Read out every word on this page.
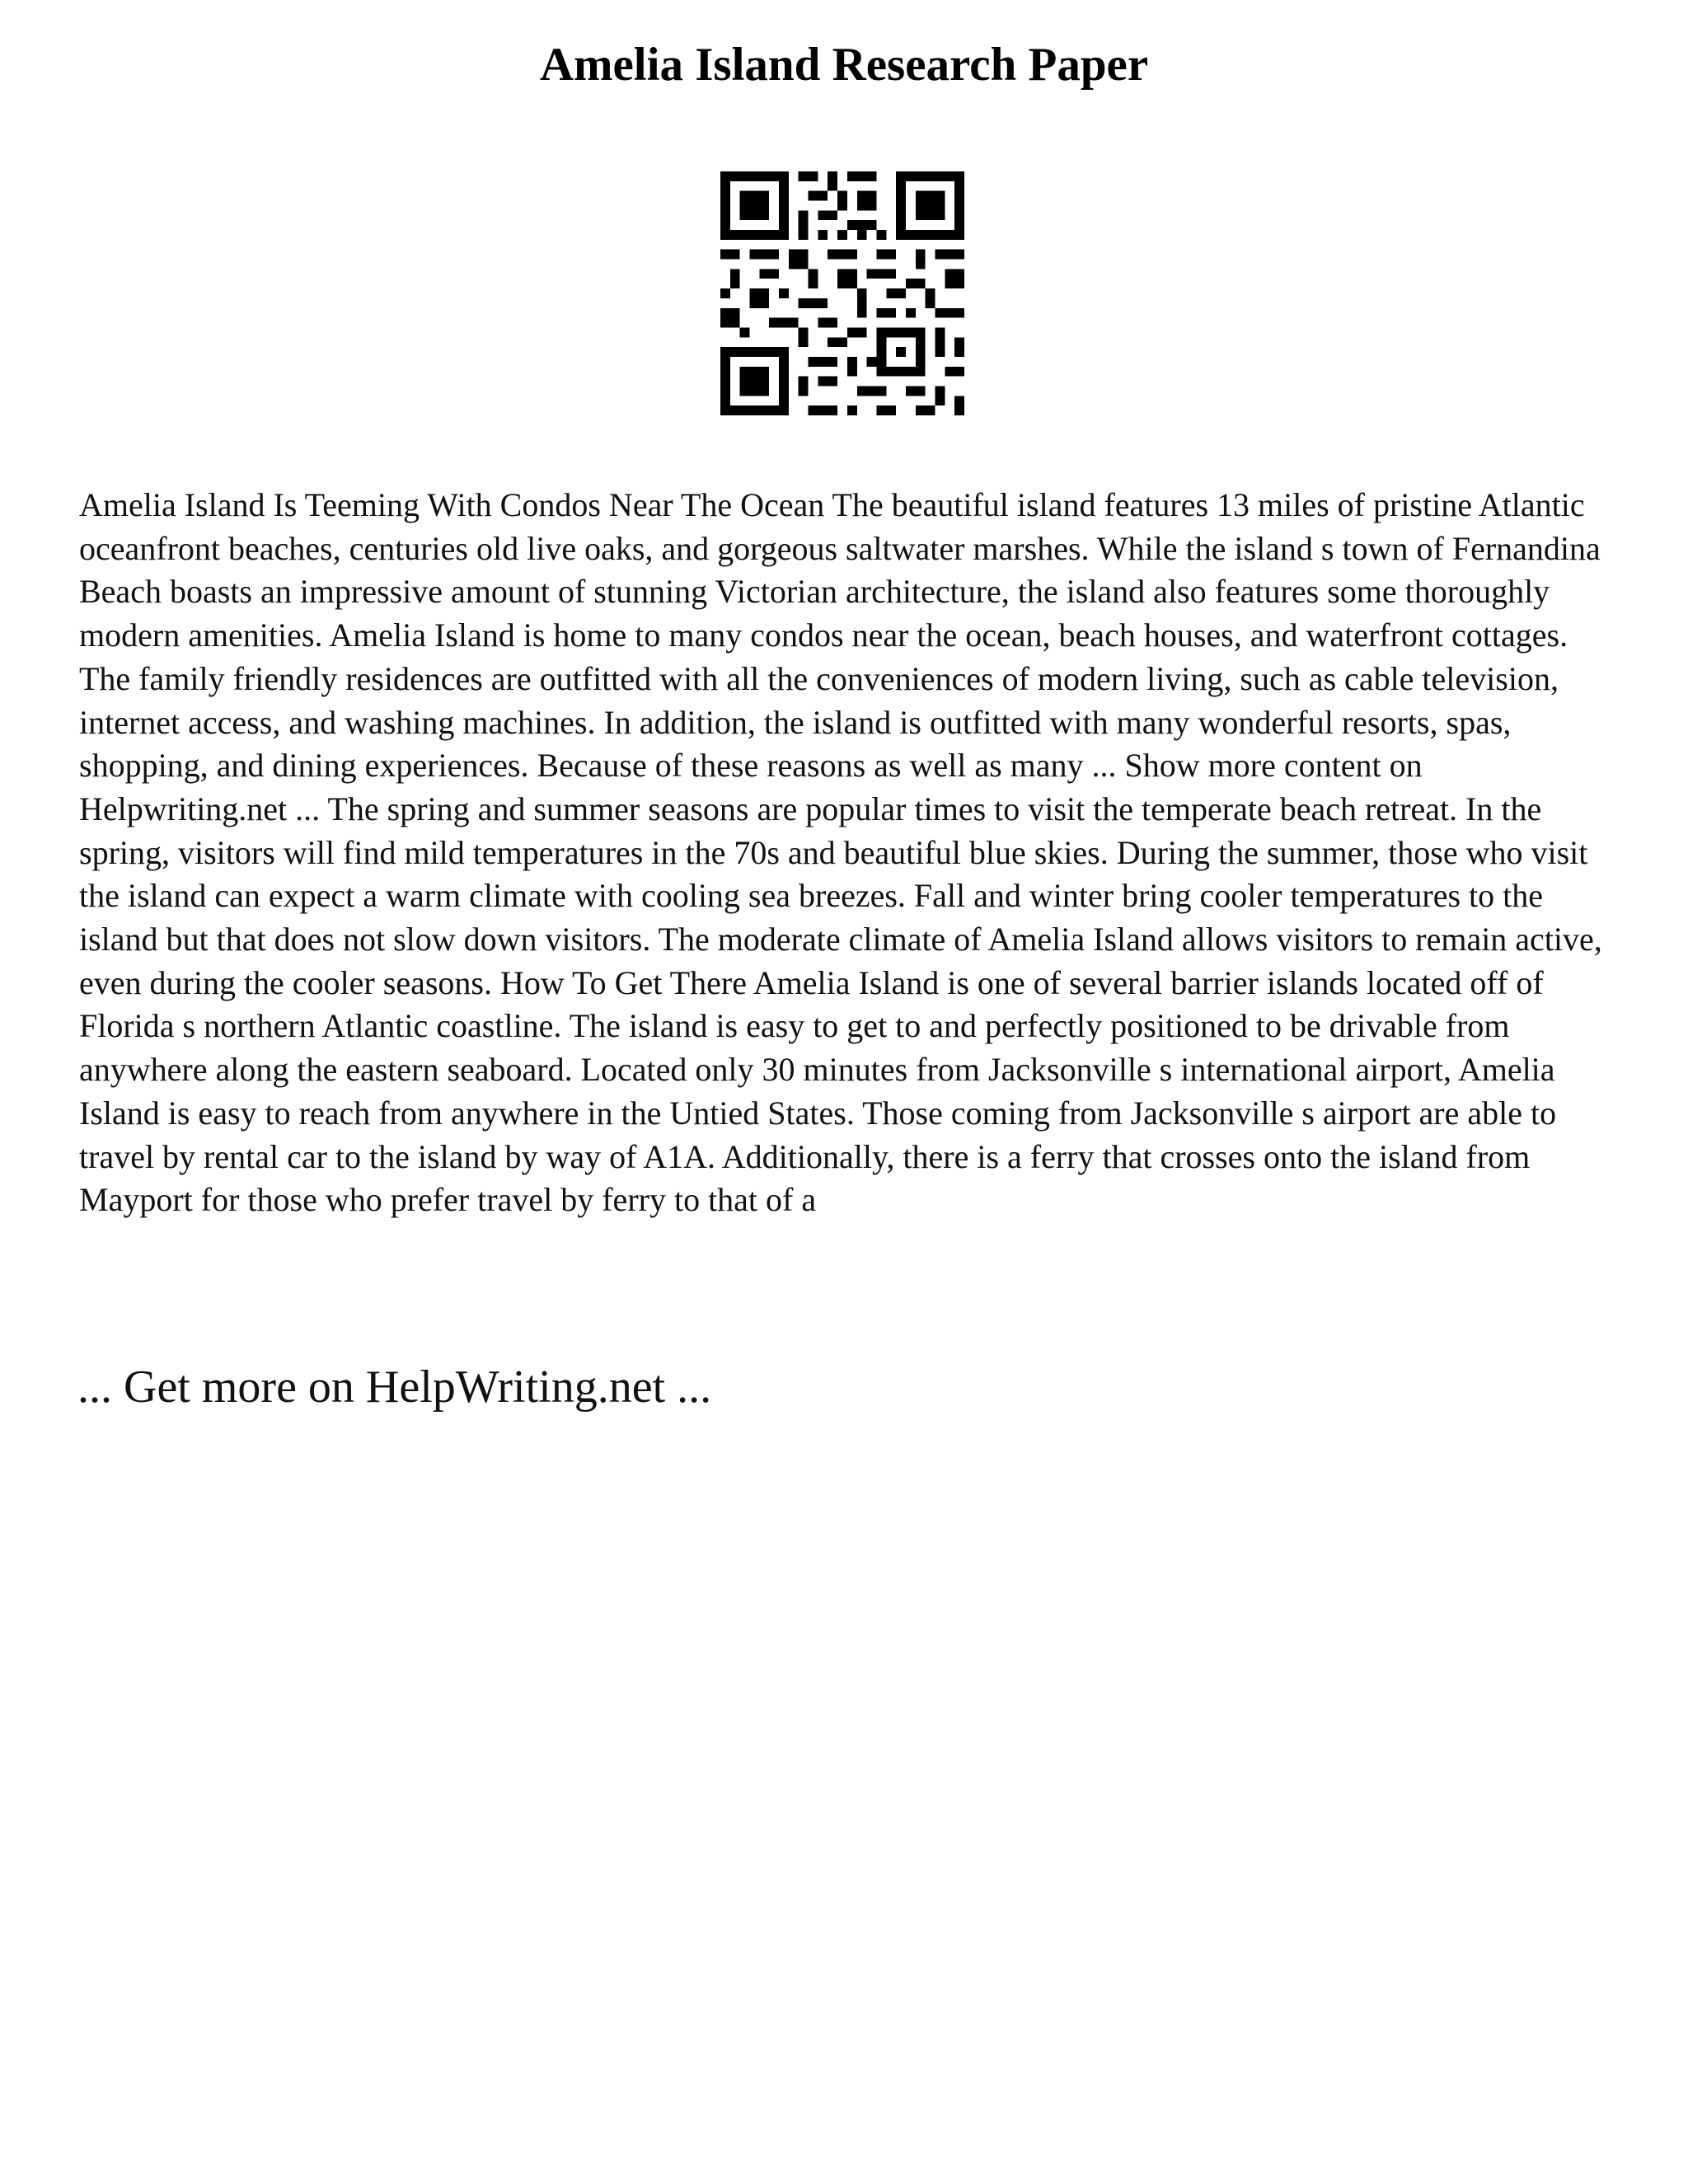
Amelia Island Research Paper

Amelia Island Is Teeming With Condos Near The Ocean The beautiful island features 13 miles of pristine Atlantic oceanfront beaches, centuries old live oaks, and gorgeous saltwater marshes. While the island s town of Fernandina Beach boasts an impressive amount of stunning Victorian architecture, the island also features some thoroughly modern amenities. Amelia Island is home to many condos near the ocean, beach houses, and waterfront cottages. The family friendly residences are outfitted with all the conveniences of modern living, such as cable television, internet access, and washing machines. In addition, the island is outfitted with many wonderful resorts, spas, shopping, and dining experiences. Because of these reasons as well as many ... Show more content on Helpwriting.net ... The spring and summer seasons are popular times to visit the temperate beach retreat. In the spring, visitors will find mild temperatures in the 70s and beautiful blue skies. During the summer, those who visit the island can expect a warm climate with cooling sea breezes. Fall and winter bring cooler temperatures to the island but that does not slow down visitors. The moderate climate of Amelia Island allows visitors to remain active, even during the cooler seasons. How To Get There Amelia Island is one of several barrier islands located off of Florida s northern Atlantic coastline. The island is easy to get to and perfectly positioned to be drivable from anywhere along the eastern seaboard. Located only 30 minutes from Jacksonville s international airport, Amelia Island is easy to reach from anywhere in the Untied States. Those coming from Jacksonville s airport are able to travel by rental car to the island by way of A1A. Additionally, there is a ferry that crosses onto the island from Mayport for those who prefer travel by ferry to that of a

... Get more on HelpWriting.net ...
